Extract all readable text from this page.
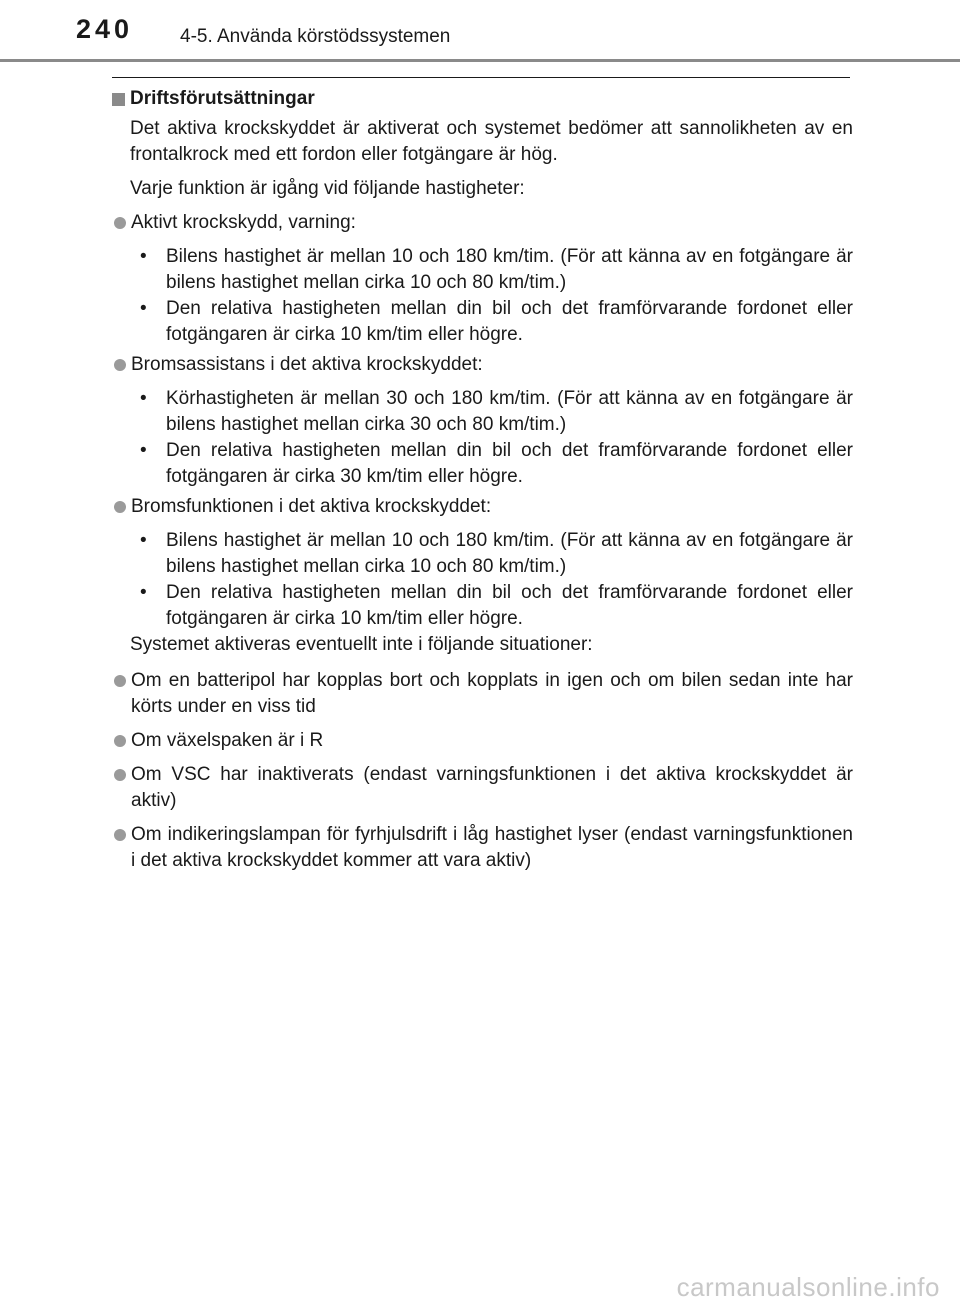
240 4-5. Använda körstödssystemen
Driftsförutsättningar
Det aktiva krockskyddet är aktiverat och systemet bedömer att sannolikheten av en frontalkrock med ett fordon eller fotgängare är hög.
Varje funktion är igång vid följande hastigheter:
Aktivt krockskydd, varning:
•	Bilens hastighet är mellan 10 och 180 km/tim. (För att känna av en fotgängare är bilens hastighet mellan cirka 10 och 80 km/tim.)
•	Den relativa hastigheten mellan din bil och det framförvarande fordonet eller fotgängaren är cirka 10 km/tim eller högre.
Bromsassistans i det aktiva krockskyddet:
•	Körhastigheten är mellan 30 och 180 km/tim. (För att känna av en fotgängare är bilens hastighet mellan cirka 30 och 80 km/tim.)
•	Den relativa hastigheten mellan din bil och det framförvarande fordonet eller fotgängaren är cirka 30 km/tim eller högre.
Bromsfunktionen i det aktiva krockskyddet:
•	Bilens hastighet är mellan 10 och 180 km/tim. (För att känna av en fotgängare är bilens hastighet mellan cirka 10 och 80 km/tim.)
•	Den relativa hastigheten mellan din bil och det framförvarande fordonet eller fotgängaren är cirka 10 km/tim eller högre.
Systemet aktiveras eventuellt inte i följande situationer:
Om en batteripol har kopplas bort och kopplats in igen och om bilen sedan inte har körts under en viss tid
Om växelspaken är i R
Om VSC har inaktiverats (endast varningsfunktionen i det aktiva krockskyddet är aktiv)
Om indikeringslampan för fyrhjulsdrift i låg hastighet lyser (endast varningsfunktionen i det aktiva krockskyddet kommer att vara aktiv)
carmanualsonline.info
